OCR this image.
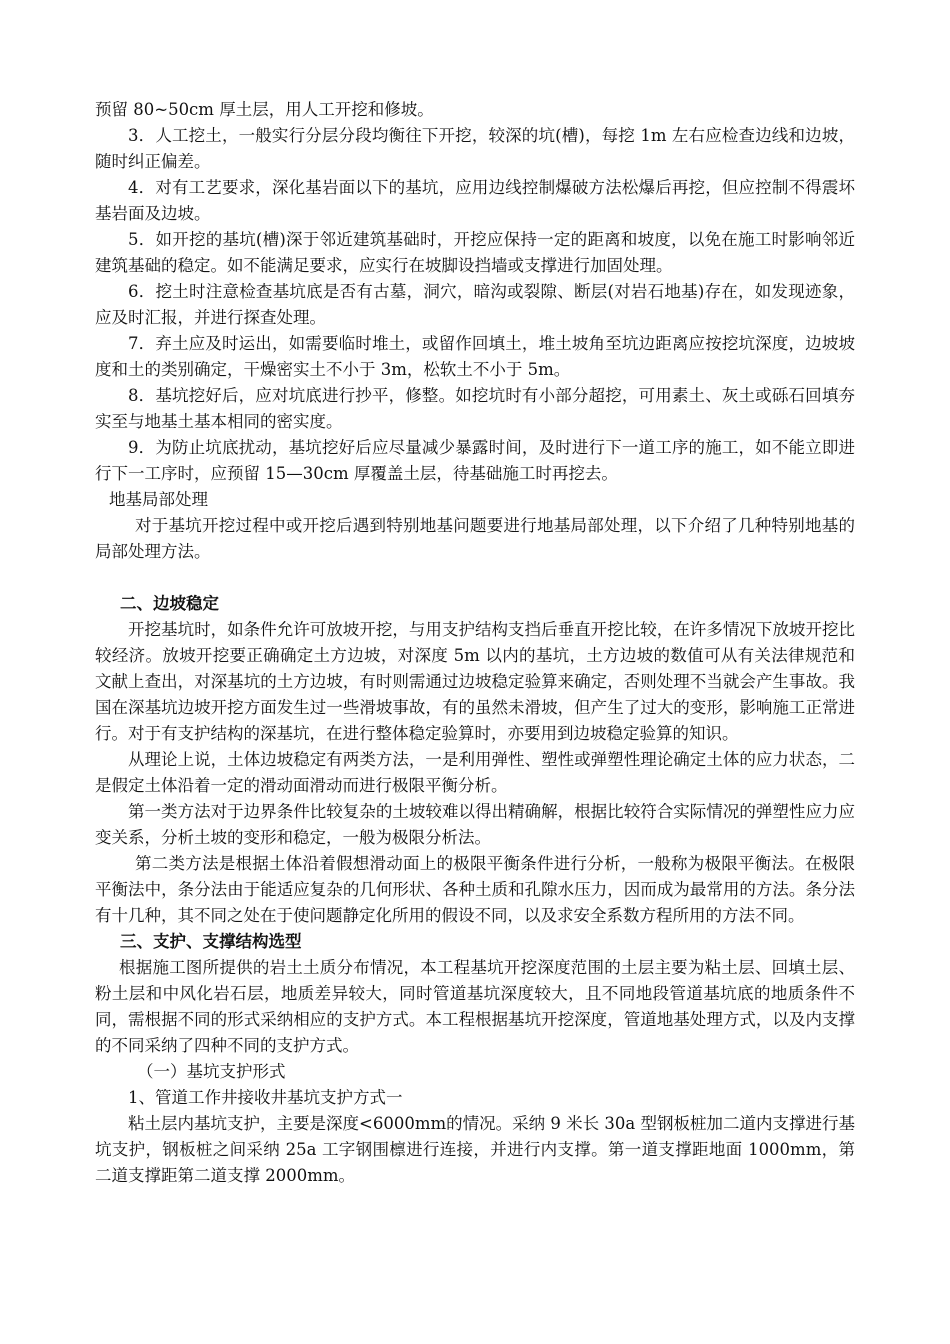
预留 80~50cm 厚土层，用人工开挖和修坡。

3．人工挖土，一般实行分层分段均衡往下开挖，较深的坑(槽)，每挖 1m 左右应检查边线和边坡，随时纠正偏差。

4．对有工艺要求，深化基岩面以下的基坑，应用边线控制爆破方法松爆后再挖，但应控制不得震坏基岩面及边坡。

5．如开挖的基坑(槽)深于邻近建筑基础时，开挖应保持一定的距离和坡度，以免在施工时影响邻近建筑基础的稳定。如不能满足要求，应实行在坡脚设挡墙或支撑进行加固处理。

6．挖土时注意检查基坑底是否有古墓，洞穴，暗沟或裂隙、断层(对岩石地基)存在，如发现迹象，应及时汇报，并进行探查处理。

7．弃土应及时运出，如需要临时堆土，或留作回填土，堆土坡角至坑边距离应按挖坑深度，边坡坡度和土的类别确定，干燥密实土不小于 3m，松软土不小于 5m。

8．基坑挖好后，应对坑底进行抄平，修整。如挖坑时有小部分超挖，可用素土、灰土或砾石回填夯实至与地基土基本相同的密实度。

9．为防止坑底扰动，基坑挖好后应尽量减少暴露时间，及时进行下一道工序的施工，如不能立即进行下一工序时，应预留 15—30cm 厚覆盖土层，待基础施工时再挖去。

地基局部处理

对于基坑开挖过程中或开挖后遇到特别地基问题要进行地基局部处理，以下介绍了几种特别地基的局部处理方法。

二、边坡稳定

开挖基坑时，如条件允许可放坡开挖，与用支护结构支挡后垂直开挖比较，在许多情况下放坡开挖比较经济。放坡开挖要正确确定土方边坡，对深度 5m 以内的基坑，土方边坡的数值可从有关法律规范和文献上查出，对深基坑的土方边坡，有时则需通过边坡稳定验算来确定，否则处理不当就会产生事故。我国在深基坑边坡开挖方面发生过一些滑坡事故，有的虽然未滑坡，但产生了过大的变形，影响施工正常进行。对于有支护结构的深基坑，在进行整体稳定验算时，亦要用到边坡稳定验算的知识。

从理论上说，土体边坡稳定有两类方法，一是利用弹性、塑性或弹塑性理论确定土体的应力状态，二是假定土体沿着一定的滑动面滑动而进行极限平衡分析。

第一类方法对于边界条件比较复杂的土坡较难以得出精确解，根据比较符合实际情况的弹塑性应力应变关系，分析土坡的变形和稳定，一般为极限分析法。

第二类方法是根据土体沿着假想滑动面上的极限平衡条件进行分析，一般称为极限平衡法。在极限平衡法中，条分法由于能适应复杂的几何形状、各种土质和孔隙水压力，因而成为最常用的方法。条分法有十几种，其不同之处在于使问题静定化所用的假设不同，以及求安全系数方程所用的方法不同。

三、支护、支撑结构选型

根据施工图所提供的岩土土质分布情况，本工程基坑开挖深度范围的土层主要为粘土层、回填土层、粉土层和中风化岩石层，地质差异较大，同时管道基坑深度较大，且不同地段管道基坑底的地质条件不同，需根据不同的形式采纳相应的支护方式。本工程根据基坑开挖深度，管道地基处理方式，以及内支撑的不同采纳了四种不同的支护方式。

（一）基坑支护形式

1、管道工作井接收井基坑支护方式一

粘土层内基坑支护，主要是深度<6000mm的情况。采纳 9 米长 30a 型钢板桩加二道内支撑进行基坑支护，钢板桩之间采纳 25a 工字钢围檩进行连接，并进行内支撑。第一道支撑距地面 1000mm，第二道支撑距第二道支撑 2000mm。
